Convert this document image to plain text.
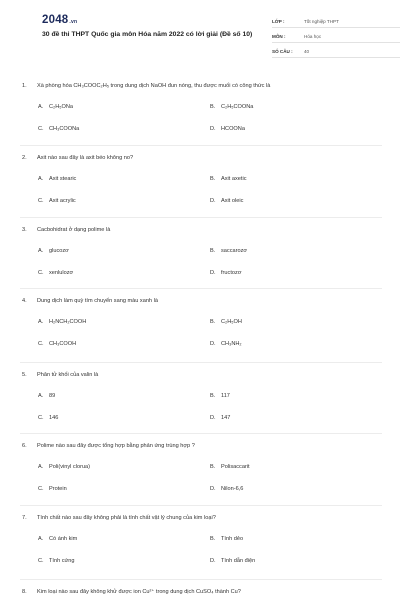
2048.vn
30 đề thi THPT Quốc gia môn Hóa năm 2022 có lời giải (Đề số 10)
LỚP :	Tốt nghiệp THPT
MÔN :	Hóa học
SỐ CÂU :	40
1. Xà phòng hóa CH₃COOC₂H₅ trong dung dịch NaOH đun nóng, thu được muối có công thức là
A. C₂H₅ONa	B. C₂H₅COONa
C. CH₃COONa	D. HCOONa
2. Axit nào sau đây là axit béo không no?
A. Axit stearic	B. Axit axetic
C. Axit acrylic	D. Axit oleic
3. Cacbohidrat ở dạng polime là
A. glucozơ	B. saccarozơ
C. xenlulozơ	D. fructozơ
4. Dung dịch làm quỳ tím chuyển sang màu xanh là
A. H₂NCH₂COOH	B. C₂H₅OH
C. CH₃COOH	D. CH₃NH₂
5. Phân tử khối của valin là
A. 89	B. 117
C. 146	D. 147
6. Polime nào sau đây được tổng hợp bằng phản ứng trùng hợp ?
A. Poli(vinyl clorua)	B. Polisaccarit
C. Protein	D. Nilon-6,6
7. Tính chất nào sau đây không phải là tính chất vật lý chung của kim loại?
A. Có ánh kim	B. Tính dẻo
C. Tính cứng	D. Tính dẫn điện
8. Kim loại nào sau đây không khử được ion Cu²⁺ trong dung dịch CuSO₄ thành Cu?
